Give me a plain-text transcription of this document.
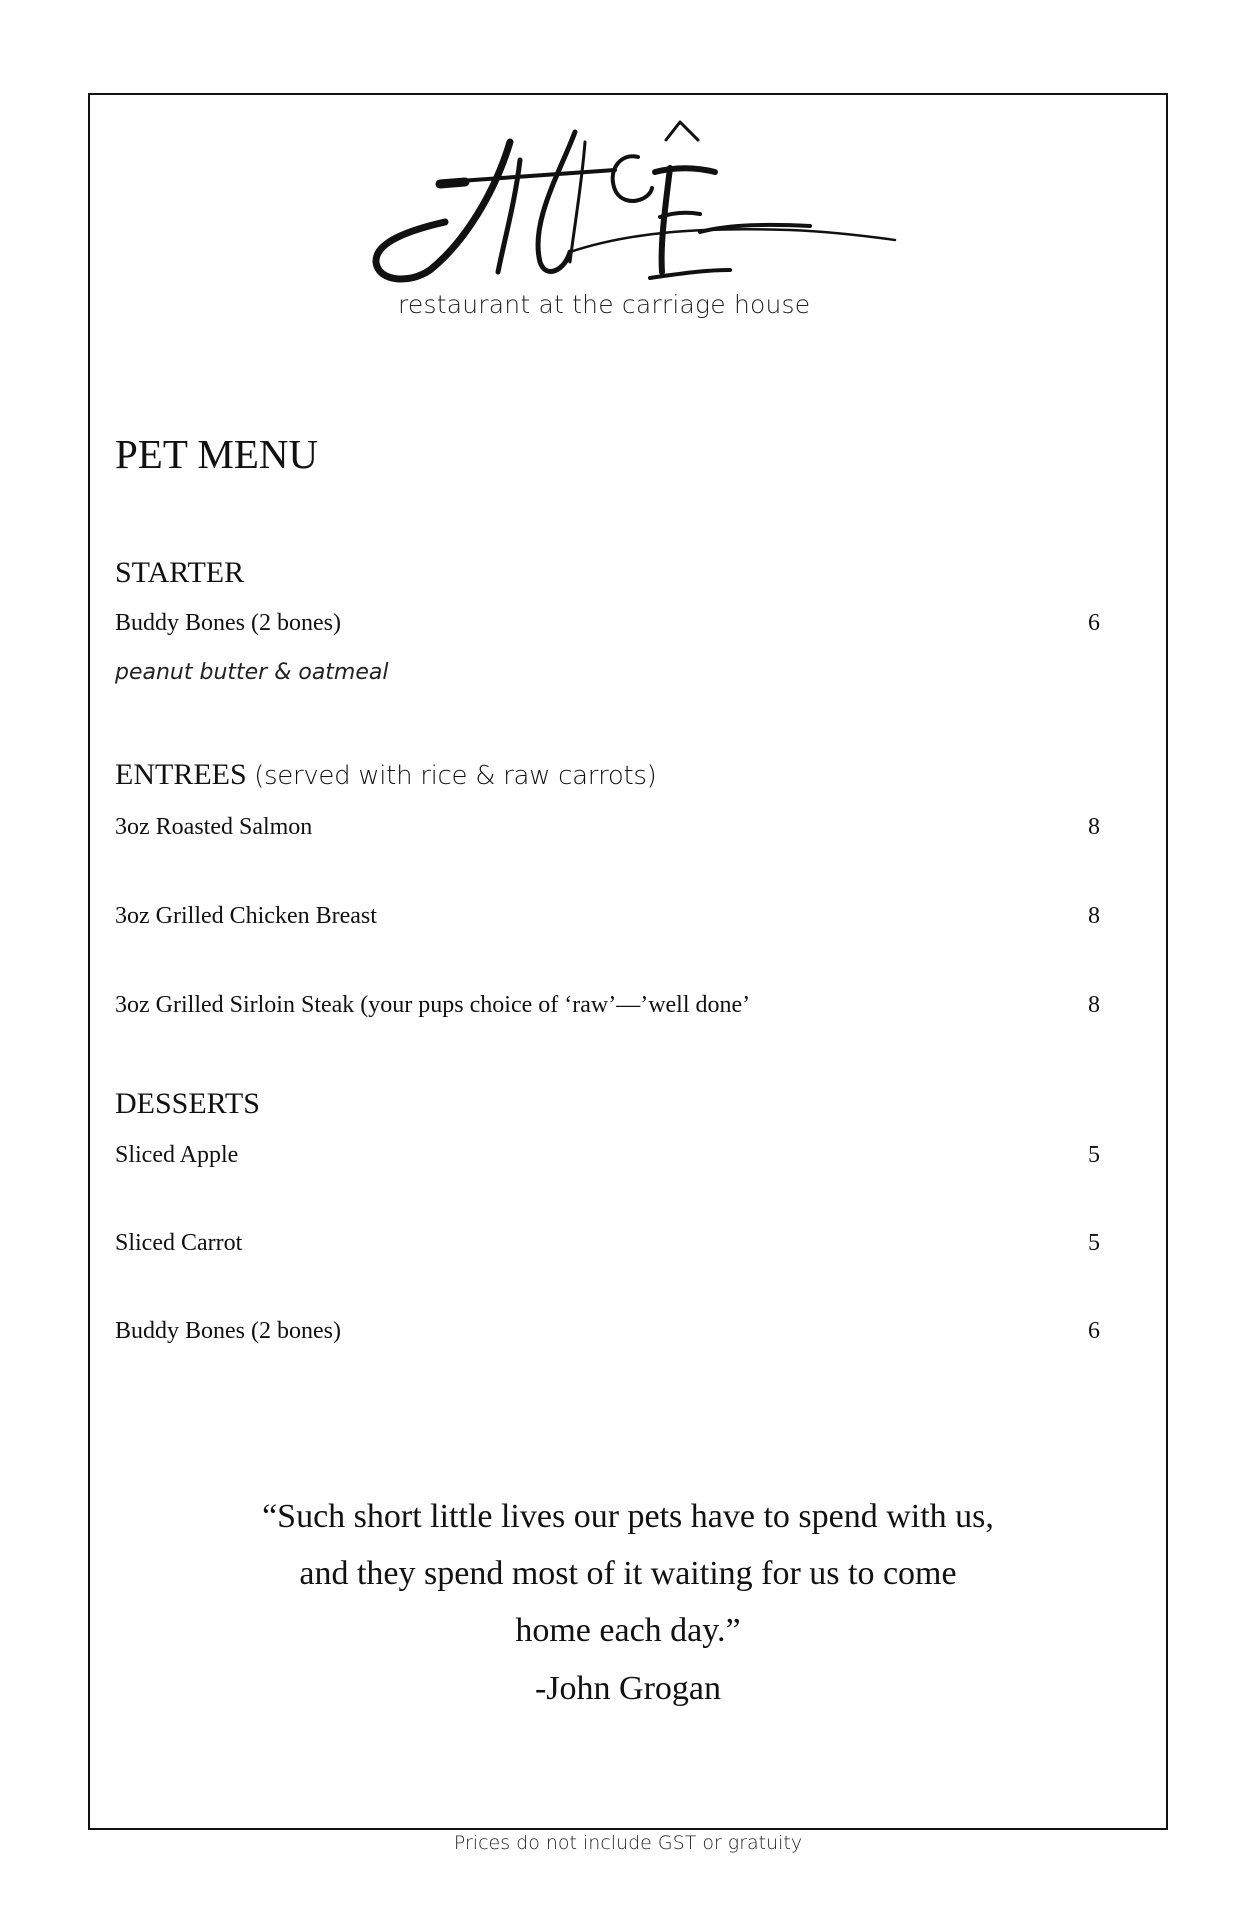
restaurant at the carriage house
PET MENU
STARTER
Buddy Bones (2 bones)	6
peanut butter & oatmeal
ENTREES (served with rice & raw carrots)
3oz Roasted Salmon	8
3oz Grilled Chicken Breast	8
3oz Grilled Sirloin Steak (your pups choice of ‘raw’—’well done’	8
DESSERTS
Sliced Apple	5
Sliced Carrot	5
Buddy Bones (2 bones)	6
“Such short little lives our pets have to spend with us,
and they spend most of it waiting for us to come
home each day.”
-John Grogan
Prices do not include GST or gratuity
